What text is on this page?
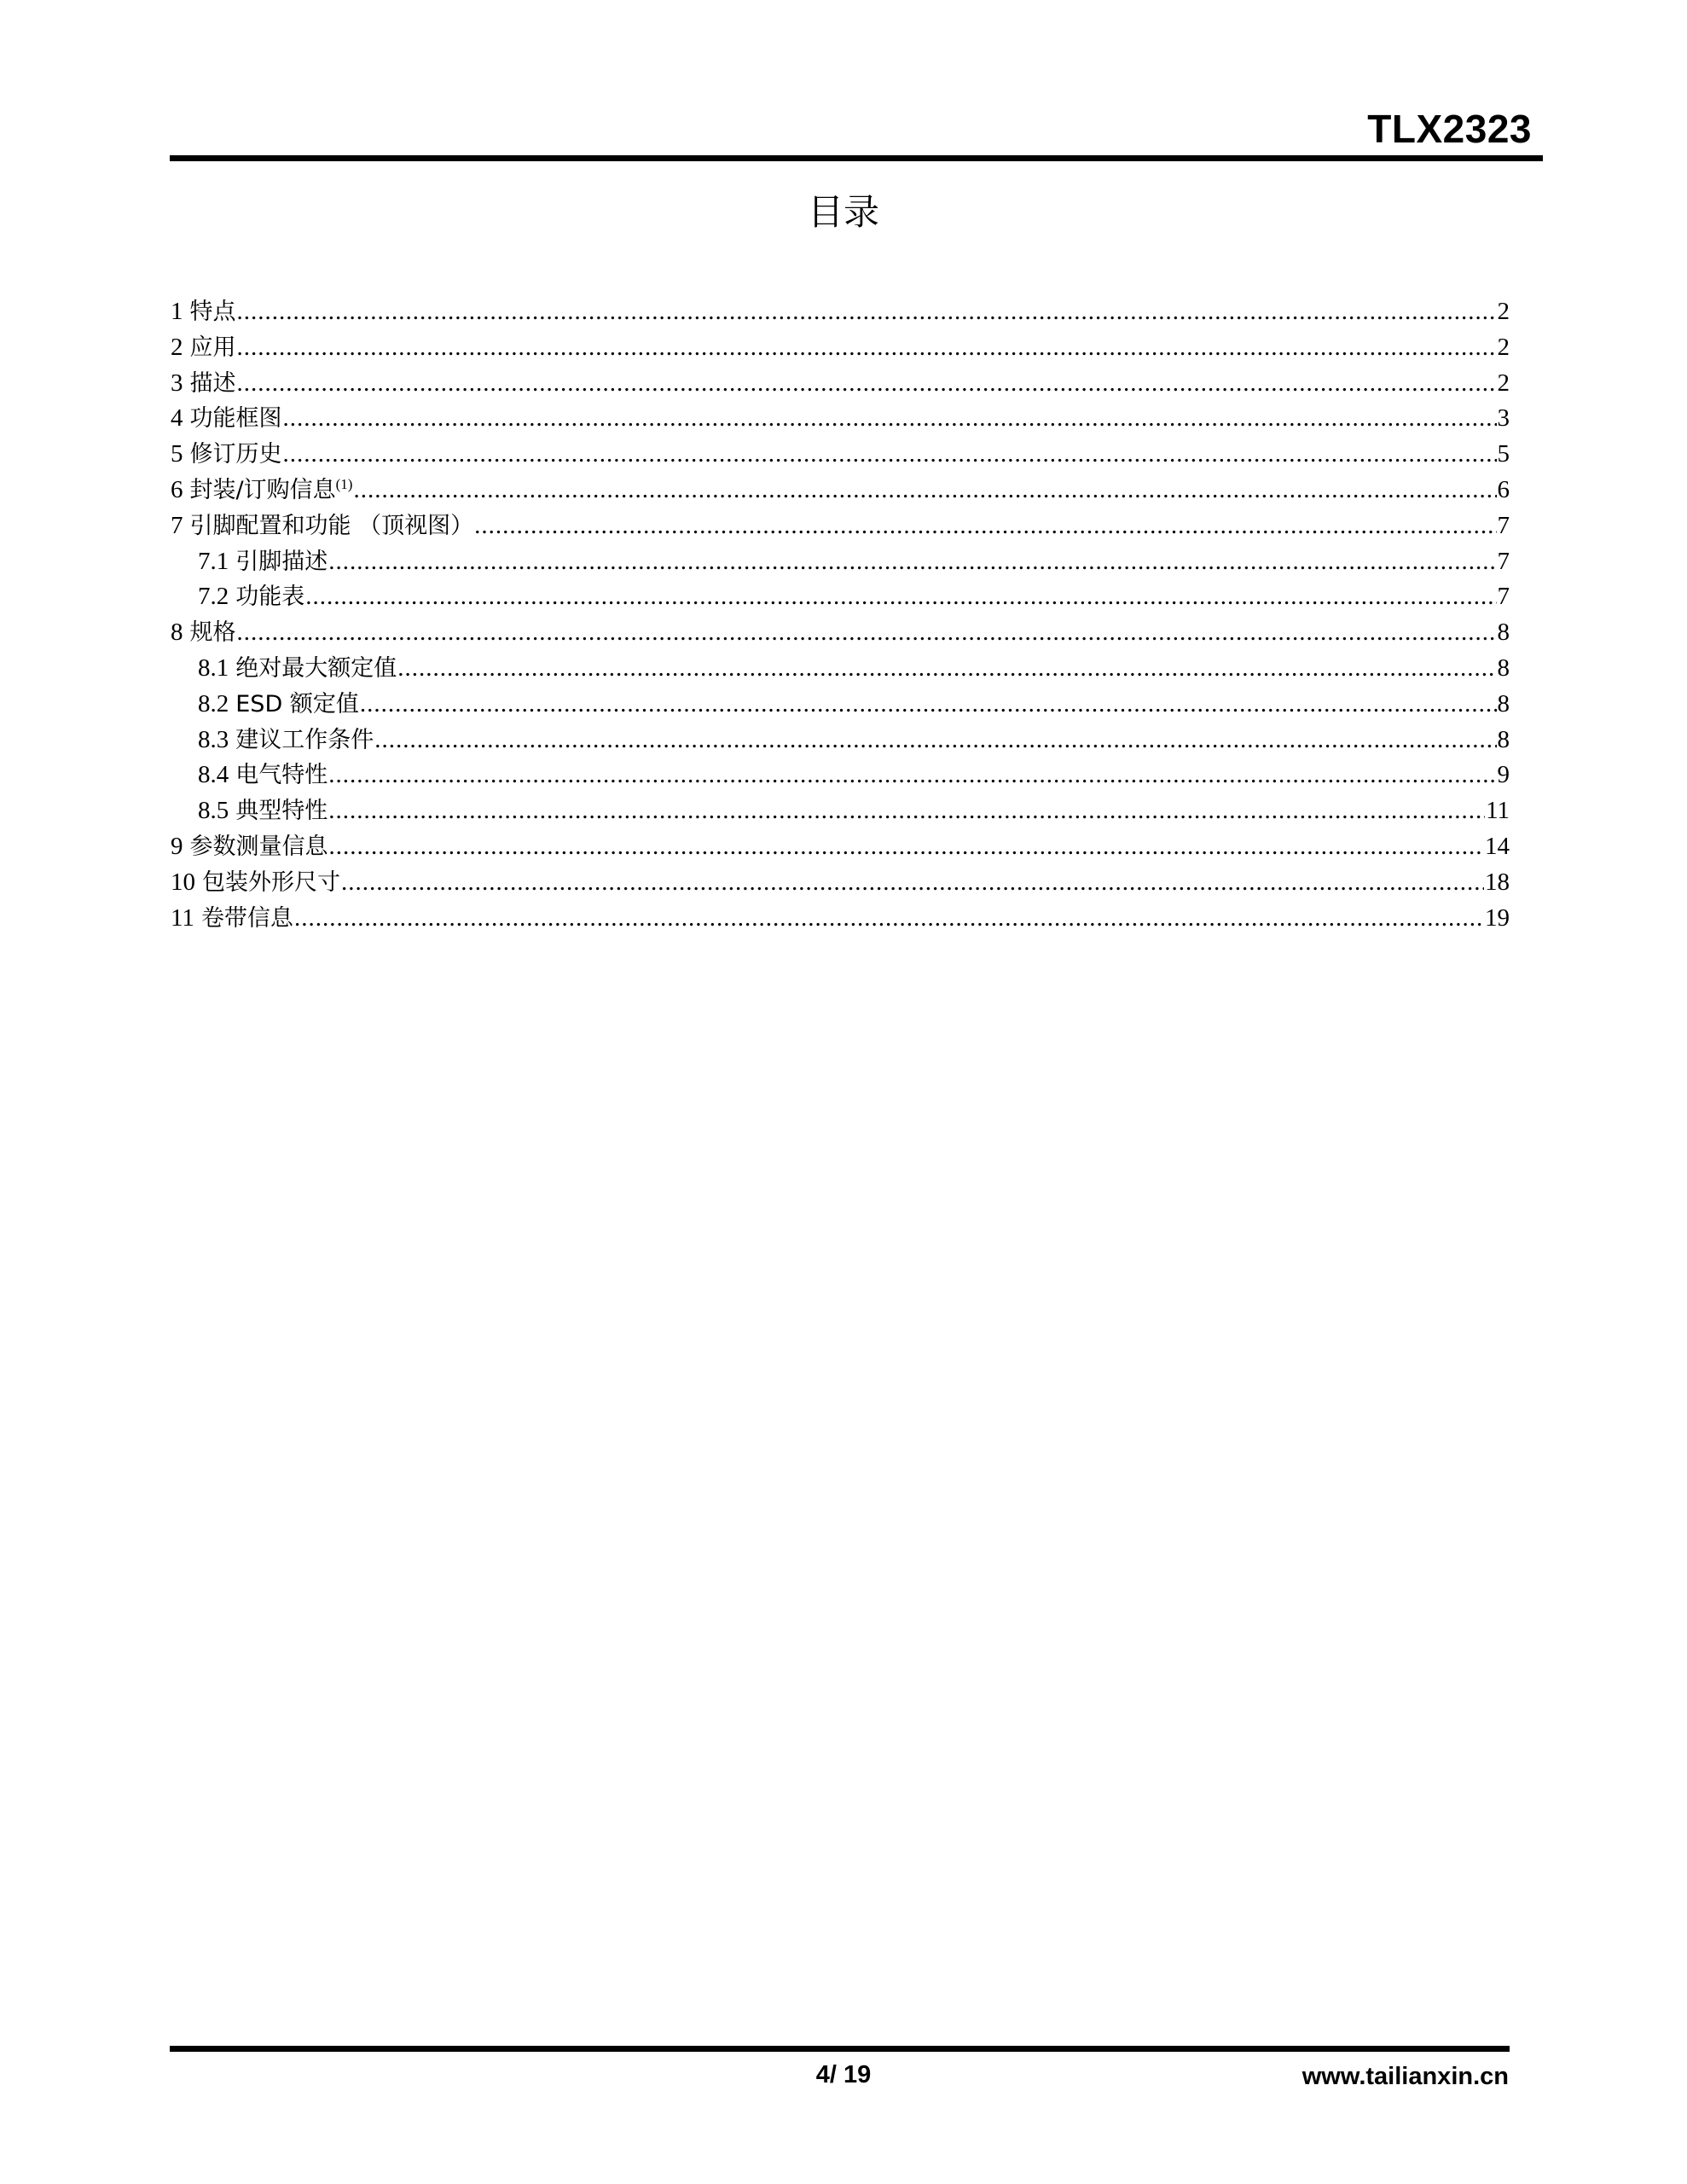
TLX2323
目录
1 特点 .....	2
2 应用 .....	2
3 描述 .....	2
4 功能框图 .....	3
5 修订历史 .....	5
6 封装/订购信息$^{(1)}$ .....	6
7 引脚配置和功能 （顶视图） .....	7
7.1 引脚描述 .....	7
7.2 功能表 .....	7
8 规格 .....	8
8.1 绝对最大额定值 .....	8
8.2 ESD 额定值 .....	8
8.3 建议工作条件 .....	8
8.4 电气特性 .....	9
8.5 典型特性 .....	11
9 参数测量信息 .....	14
10 包装外形尺寸 .....	18
11 卷带信息 .....	19
4/ 19	www.tailianxin.cn
